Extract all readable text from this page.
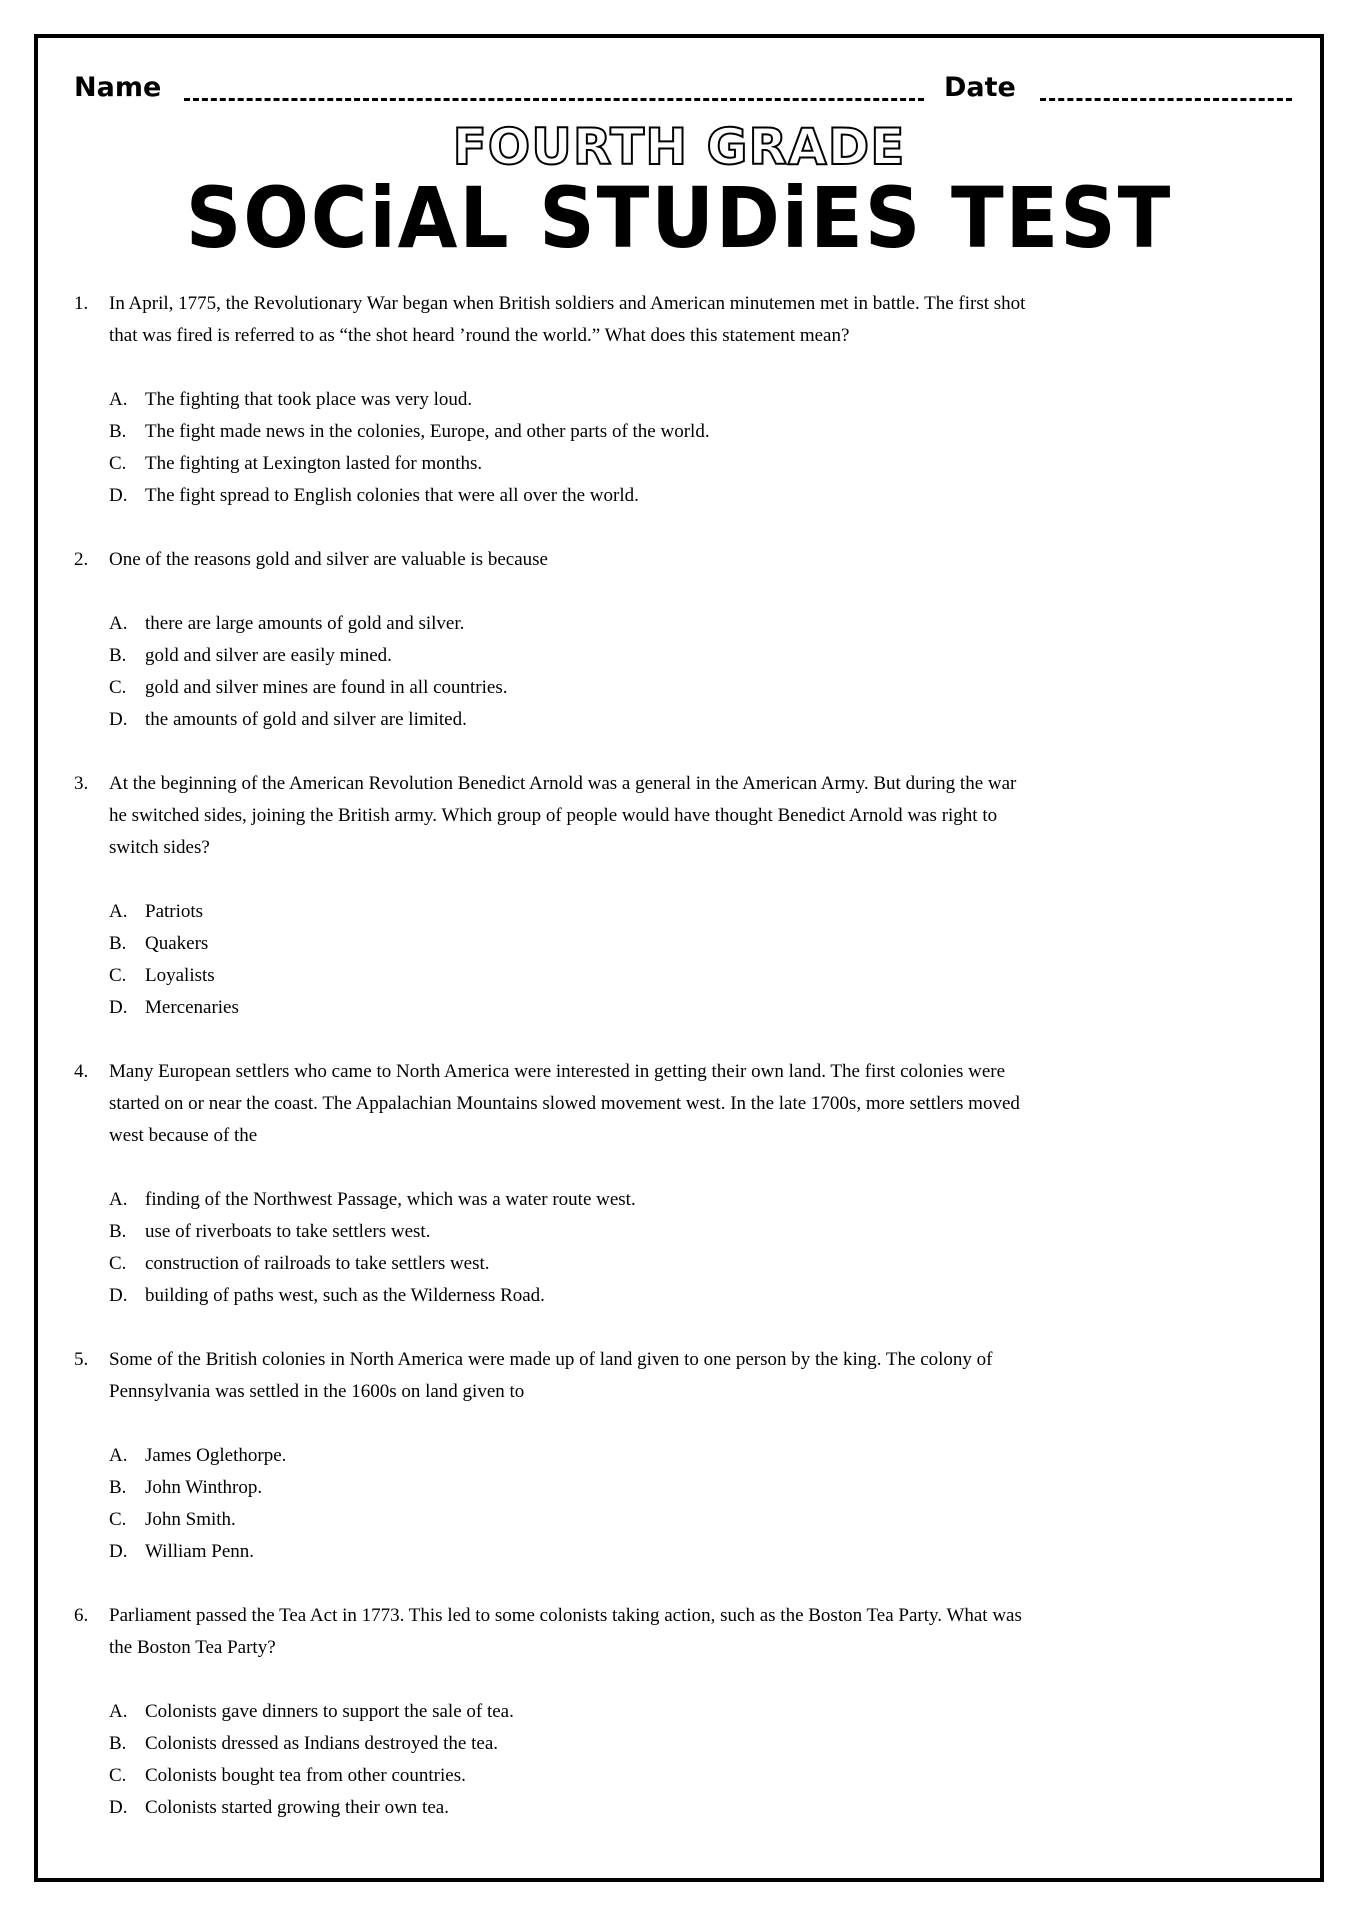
Name	Date
FOURTH GRADE
SOCiAL STUDiES TEST
1. In April, 1775, the Revolutionary War began when British soldiers and American minutemen met in battle. The first shot that was fired is referred to as “the shot heard ’round the world.” What does this statement mean?
A. The fighting that took place was very loud.
B. The fight made news in the colonies, Europe, and other parts of the world.
C. The fighting at Lexington lasted for months.
D. The fight spread to English colonies that were all over the world.
2. One of the reasons gold and silver are valuable is because
A. there are large amounts of gold and silver.
B. gold and silver are easily mined.
C. gold and silver mines are found in all countries.
D. the amounts of gold and silver are limited.
3. At the beginning of the American Revolution Benedict Arnold was a general in the American Army. But during the war he switched sides, joining the British army. Which group of people would have thought Benedict Arnold was right to switch sides?
A. Patriots
B. Quakers
C. Loyalists
D. Mercenaries
4. Many European settlers who came to North America were interested in getting their own land. The first colonies were started on or near the coast. The Appalachian Mountains slowed movement west. In the late 1700s, more settlers moved west because of the
A. finding of the Northwest Passage, which was a water route west.
B. use of riverboats to take settlers west.
C. construction of railroads to take settlers west.
D. building of paths west, such as the Wilderness Road.
5. Some of the British colonies in North America were made up of land given to one person by the king. The colony of Pennsylvania was settled in the 1600s on land given to
A. James Oglethorpe.
B. John Winthrop.
C. John Smith.
D. William Penn.
6. Parliament passed the Tea Act in 1773. This led to some colonists taking action, such as the Boston Tea Party. What was the Boston Tea Party?
A. Colonists gave dinners to support the sale of tea.
B. Colonists dressed as Indians destroyed the tea.
C. Colonists bought tea from other countries.
D. Colonists started growing their own tea.
